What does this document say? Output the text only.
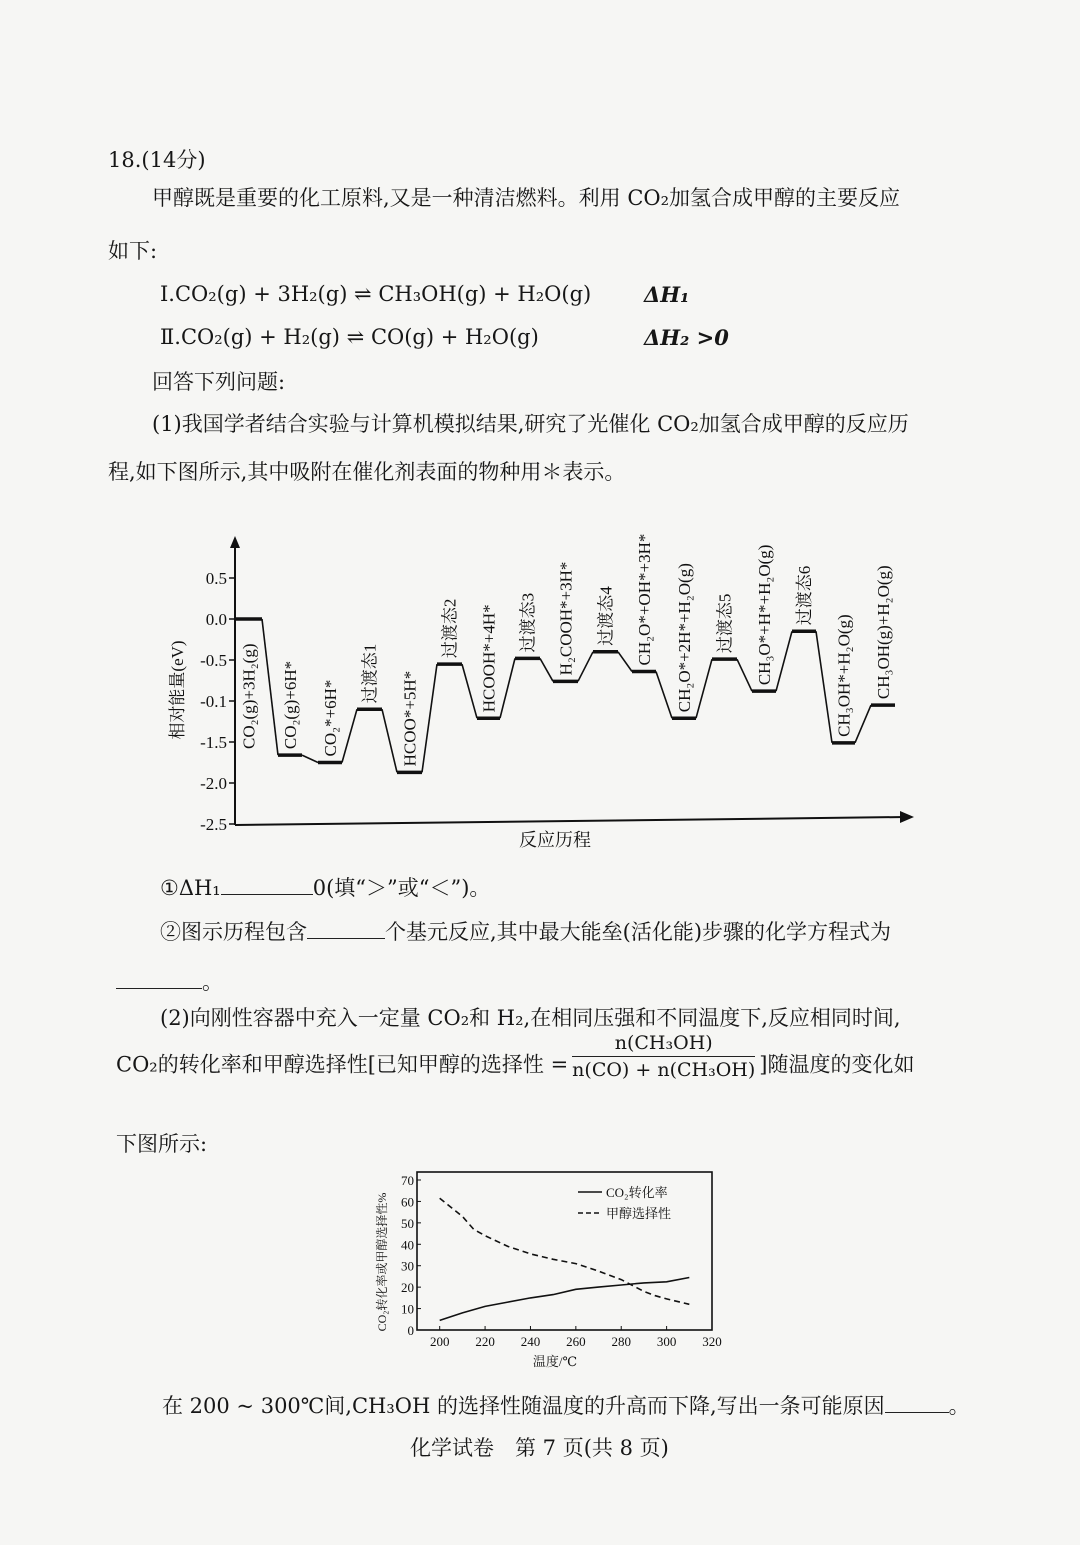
18.(14分)
甲醇既是重要的化工原料,又是一种清洁燃料。利用 CO₂加氢合成甲醇的主要反应
如下:
Ⅰ.CO₂(g) + 3H₂(g) ⇌ CH₃OH(g) + H₂O(g)	ΔH₁
Ⅱ.CO₂(g) + H₂(g) ⇌ CO(g) + H₂O(g)	ΔH₂ >0
回答下列问题:
(1)我国学者结合实验与计算机模拟结果,研究了光催化 CO₂加氢合成甲醇的反应历
程,如下图所示,其中吸附在催化剂表面的物种用＊表示。
0.5
0.0
-0.5
-0.1
-1.5
-2.0
-2.5
相对能量(eV)
反应历程
CO₂(g)+3H₂(g) CO₂(g)+6H* CO₂*+6H*
过渡态1 HCOO*+5H*
过渡态2 HCOOH*+4H* 过渡态3 H₂COOH*+3H* 过渡态4 CH₂O*+OH*+3H* CH₂O*+2H*+H₂O(g) 过渡态5 CH₃O*+H*+H₂O(g) 过渡态6
CH₃OH*+H₂O(g) CH₃OH(g)+H₂O(g)
200 220 240 260 280 300 320
0
10
20
30
40
50
60
70
温度/℃
CO₂转化率或甲醇选择性%
CO₂转化率
甲醇选择性
①ΔH₁	0(填“＞”或“＜”)。
②图示历程包含	个基元反应,其中最大能垒(活化能)步骤的化学方程式为
。
(2)向刚性容器中充入一定量 CO₂和 H₂,在相同压强和不同温度下,反应相同时间,
CO₂的转化率和甲醇选择性[已知甲醇的选择性 = $\frac{\text{n(CH₃OH)}}{\text{n(CO) + n(CH₃OH)}}$ ]随温度的变化如
下图所示:
在 200 ~ 300℃间,CH₃OH 的选择性随温度的升高而下降,写出一条可能原因	。
化学试卷　第 7 页(共 8 页)
